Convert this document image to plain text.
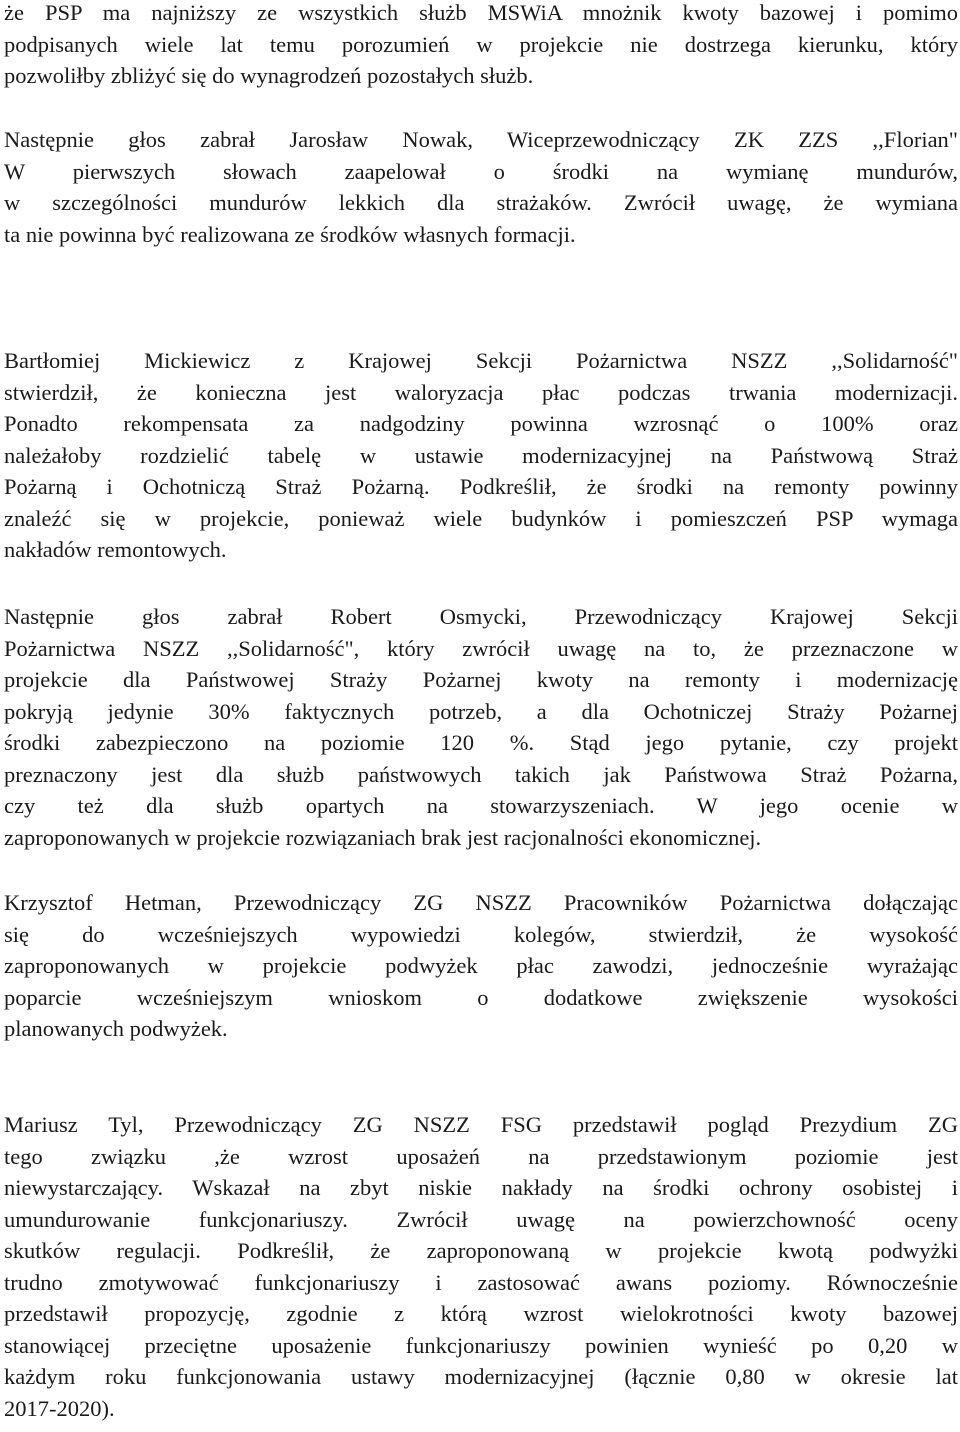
że PSP ma najniższy ze wszystkich służb MSWiA mnożnik kwoty bazowej i pomimo
podpisanych wiele lat temu porozumień w projekcie nie dostrzega kierunku, który
pozwoliłby zbliżyć się do wynagrodzeń pozostałych służb.

Następnie głos zabrał Jarosław Nowak, Wiceprzewodniczący ZK ZZS ,,Florian"
W pierwszych słowach zaapelował o środki na wymianę mundurów,
w szczególności mundurów lekkich dla strażaków. Zwrócił uwagę, że wymiana
ta nie powinna być realizowana ze środków własnych formacji.

Bartłomiej Mickiewicz z Krajowej Sekcji Pożarnictwa NSZZ ,,Solidarność"
stwierdził, że konieczna jest waloryzacja płac podczas trwania modernizacji.
Ponadto rekompensata za nadgodziny powinna wzrosnąć o 100% oraz
należałoby rozdzielić tabelę w ustawie modernizacyjnej na Państwową Straż
Pożarną i Ochotniczą Straż Pożarną. Podkreślił, że środki na remonty powinny
znaleźć się w projekcie, ponieważ wiele budynków i pomieszczeń PSP wymaga
nakładów remontowych.

Następnie głos zabrał Robert Osmycki, Przewodniczący Krajowej Sekcji
Pożarnictwa NSZZ ,,Solidarność", który zwrócił uwagę na to, że przeznaczone w
projekcie dla Państwowej Straży Pożarnej kwoty na remonty i modernizację
pokryją jedynie 30% faktycznych potrzeb, a dla Ochotniczej Straży Pożarnej
środki zabezpieczono na poziomie 120 %. Stąd jego pytanie, czy projekt
preznaczony jest dla służb państwowych takich jak Państwowa Straż Pożarna,
czy też dla służb opartych na stowarzyszeniach. W jego ocenie w
zaproponowanych w projekcie rozwiązaniach brak jest racjonalności ekonomicznej.

Krzysztof Hetman, Przewodniczący ZG NSZZ Pracowników Pożarnictwa dołączając
się do wcześniejszych wypowiedzi kolegów, stwierdził, że wysokość
zaproponowanych w projekcie podwyżek płac zawodzi, jednocześnie wyrażając
poparcie wcześniejszym wnioskom o dodatkowe zwiększenie wysokości
planowanych podwyżek.

Mariusz Tyl, Przewodniczący ZG NSZZ FSG przedstawił pogląd Prezydium ZG
tego związku ,że wzrost uposażeń na przedstawionym poziomie jest
niewystarczający. Wskazał na zbyt niskie nakłady na środki ochrony osobistej i
umundurowanie funkcjonariuszy. Zwrócił uwagę na powierzchowność oceny
skutków regulacji. Podkreślił, że zaproponowaną w projekcie kwotą podwyżki
trudno zmotywować funkcjonariuszy i zastosować awans poziomy. Równocześnie
przedstawił propozycję, zgodnie z którą wzrost wielokrotności kwoty bazowej
stanowiącej przeciętne uposażenie funkcjonariuszy powinien wynieść po 0,20 w
każdym roku funkcjonowania ustawy modernizacyjnej (łącznie 0,80 w okresie lat
2017-2020).
